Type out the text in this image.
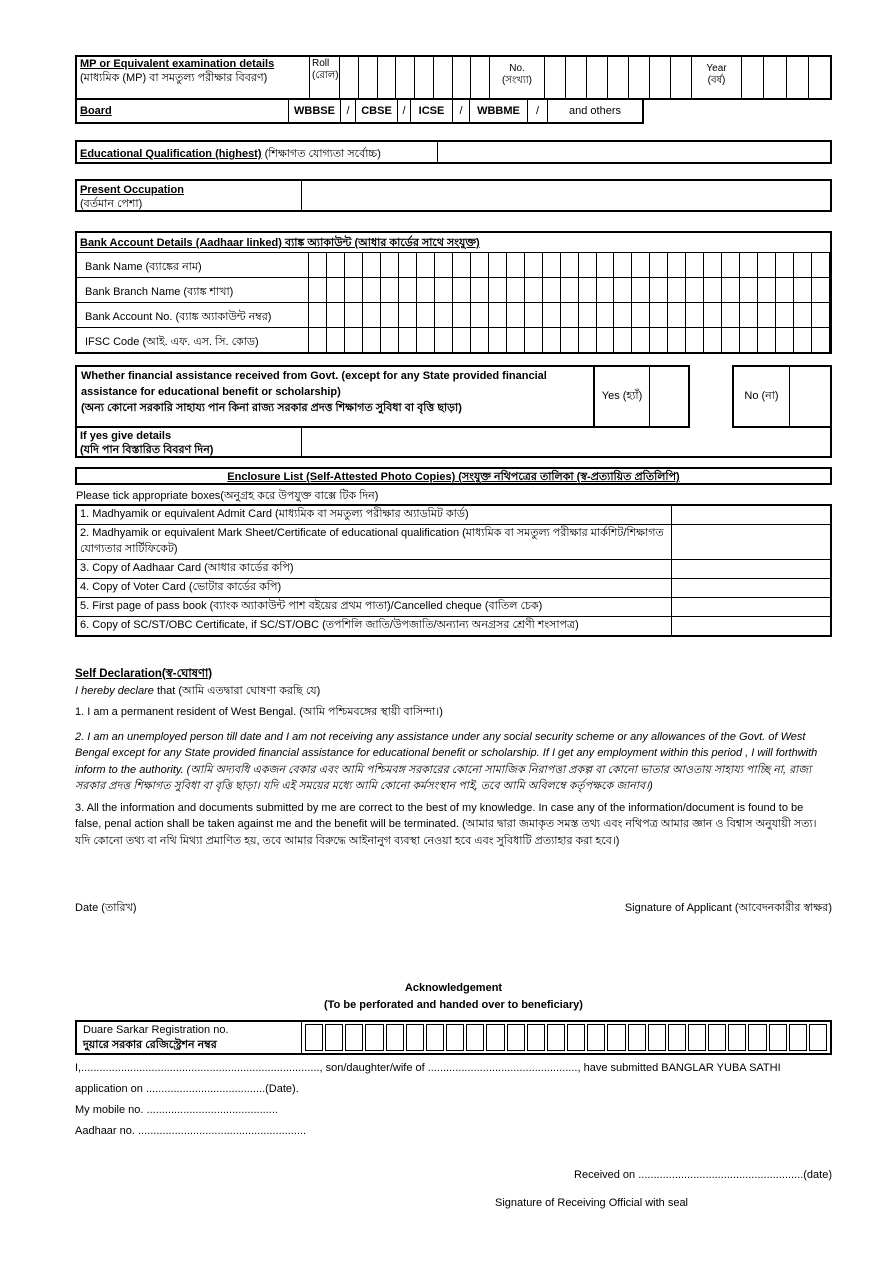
MP or Equivalent examination details
(মাধ্যমিক (MP) বা সমতুল্য পরীক্ষার বিবরণ)
Roll (রোল)
No.
(সংখ্যা)
Year
(বর্ষ)
Board	WBBSE	/	CBSE /	ICSE	/	WBBME	/	and others
Educational Qualification (highest) (শিক্ষাগত যোগ্যতা সর্বোচ্চ)
Present Occupation
(বর্তমান পেশা)
Bank Account Details (Aadhaar linked) ব্যাঙ্ক অ্যাকাউন্ট (আধার কার্ডের সাথে সংযুক্ত)
Bank Name (ব্যাঙ্কের নাম)
Bank Branch Name (ব্যাঙ্ক শাখা)
Bank Account No. (ব্যাঙ্ক অ্যাকাউন্ট নম্বর)
IFSC Code (আই. এফ. এস. সি. কোড)
Whether financial assistance received from Govt. (except for any State provided financial assistance for educational benefit or scholarship)
(অন্য কোনো সরকারি সাহায্য পান কিনা রাজ্য সরকার প্রদত্ত শিক্ষাগত সুবিধা বা বৃত্তি ছাড়া)
Yes (হ্যাঁ)	No (না)
If yes give details
(যদি পান বিস্তারিত বিবরণ দিন)
Enclosure List (Self-Attested Photo Copies) (সংযুক্ত নথিপত্রের তালিকা (স্ব-প্রত্যায়িত প্রতিলিপি)
Please tick appropriate boxes(অনুগ্রহ করে উপযুক্ত বাক্সে টিক দিন)
1. Madhyamik or equivalent Admit Card (মাধ্যমিক বা সমতুল্য পরীক্ষার অ্যাডমিট কার্ড)
2. Madhyamik or equivalent Mark Sheet/Certificate of educational qualification (মাধ্যমিক বা সমতুল্য পরীক্ষার মার্কশিট/শিক্ষাগত যোগ্যতার সার্টিফিকেট)
3. Copy of Aadhaar Card (আধার কার্ডের কপি)
4. Copy of Voter Card (ভোটার কার্ডের কপি)
5. First page of pass book (ব্যাংক অ্যাকাউন্ট পাশ বইয়ের প্রথম পাতা)/Cancelled cheque (বাতিল চেক)
6. Copy of SC/ST/OBC Certificate, if SC/ST/OBC (তপশিলি জাতি/উপজাতি/অন্যান্য অনগ্রসর শ্রেণী শংসাপত্র)
Self Declaration(স্ব-ঘোষণা)
I hereby declare that (আমি এতদ্বারা ঘোষণা করছি যে)

1. I am a permanent resident of West Bengal. (আমি পশ্চিমবঙ্গের স্থায়ী বাসিন্দা।)

2. I am an unemployed person till date and I am not receiving any assistance under any social security scheme or any allowances of the Govt. of West Bengal except for any State provided financial assistance for educational benefit or scholarship. If I get any employment within this period , I will forthwith inform to the authority. (আমি অদ্যবধি একজন বেকার এবং আমি পশ্চিমবঙ্গ সরকারের কোনো সামাজিক নিরাপত্তা প্রকল্প বা কোনো ভাতার আওতায় সাহায্য পাচ্ছি না, রাজ্য সরকার প্রদত্ত শিক্ষাগত সুবিধা বা বৃত্তি ছাড়া। যদি এই সময়ের মধ্যে আমি কোনো কর্মসংস্থান পাই, তবে আমি অবিলম্বে কর্তৃপক্ষকে জানাব।)

3. All the information and documents submitted by me are correct to the best of my knowledge. In case any of the information/document is found to be false, penal action shall be taken against me and the benefit will be terminated. (আমার দ্বারা জমাকৃত সমস্ত তথ্য এবং নথিপত্র আমার জ্ঞান ও বিশ্বাস অনুযায়ী সত্য। যদি কোনো তথ্য বা নথি মিথ্যা প্রমাণিত হয়, তবে আমার বিরুদ্ধে আইনানুগ ব্যবস্থা নেওয়া হবে এবং সুবিধাটি প্রত্যাহার করা হবে।)

Date (তারিখ)	Signature of Applicant (আবেদনকারীর স্বাক্ষর)
Acknowledgement
(To be perforated and handed over to beneficiary)
Duare Sarkar Registration no.
দুয়ারে সরকার রেজিস্ট্রেশন নম্বর
I,.............................................................................., son/daughter/wife of ................................................., have submitted BANGLAR YUBA SATHI
application on .......................................(Date).
My mobile no. ...........................................
Aadhaar no. .......................................................
Received on ......................................................(date)
Signature of Receiving Official with seal
